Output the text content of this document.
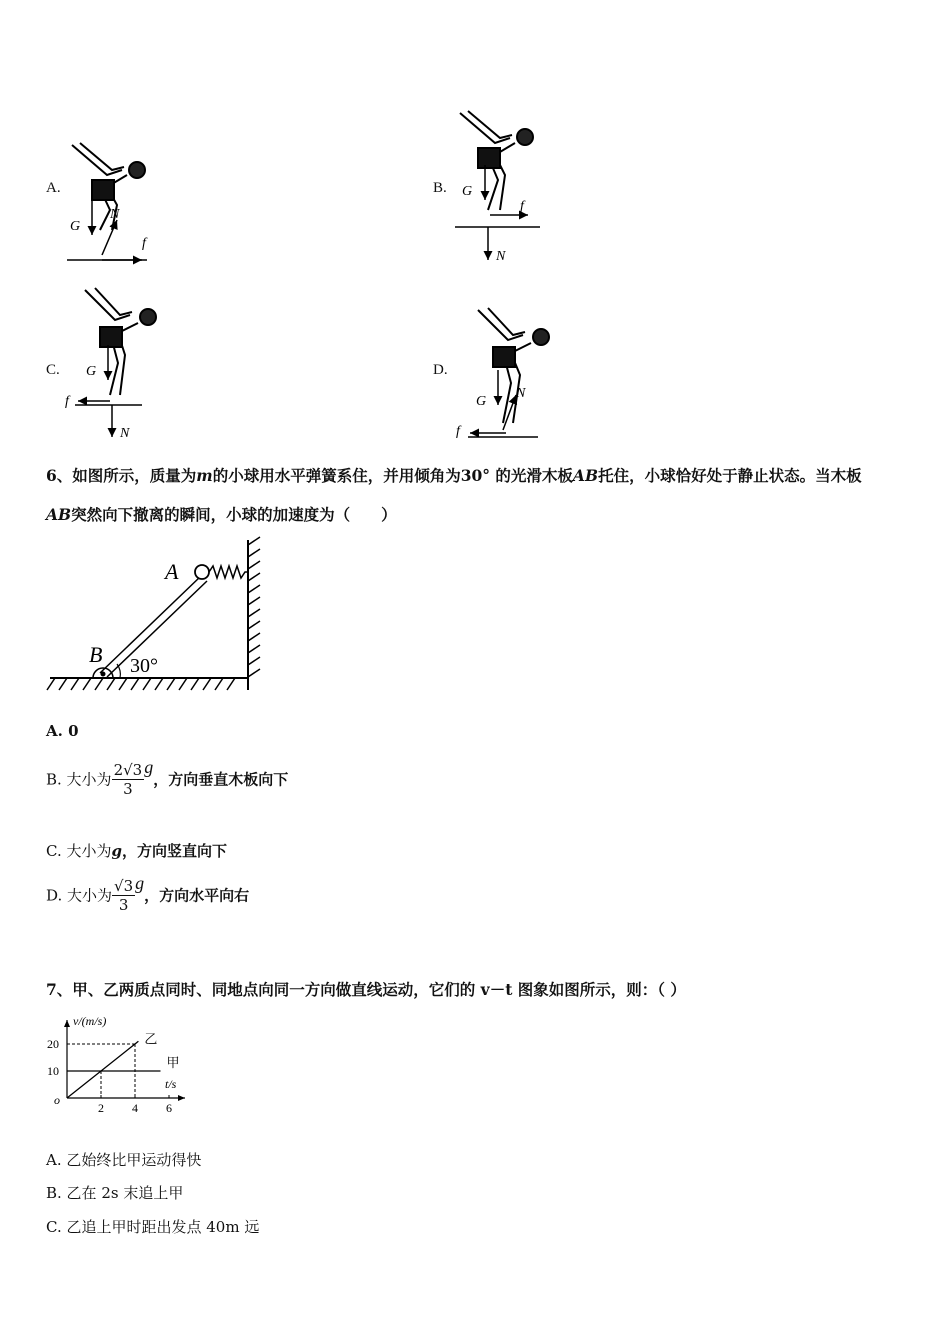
A.	B.
C.	D.
G
N
f
G
N
f
G
N
f	G
N
f
6、如图所示，质量为m的小球用水平弹簧系住，并用倾角为30° 的光滑木板AB托住，小球恰好处于静止状态。当木板
AB突然向下撤离的瞬间，小球的加速度为（　　）
A
B 30°
A. 0
B. 大小为 $\frac{2√3}{3}$ g，方向垂直木板向下
C. 大小为g，方向竖直向下
D. 大小为 $\frac{√3}{3}$ g，方向水平向右
7、甲、乙两质点同时、同地点向同一方向做直线运动，它们的 v－t 图象如图所示，则：（ ）
乙
甲
2 4 6
10
20
v/(m/s)
t/s
o
A. 乙始终比甲运动得快
B. 乙在 2s 末追上甲
C. 乙追上甲时距出发点 40m 远
